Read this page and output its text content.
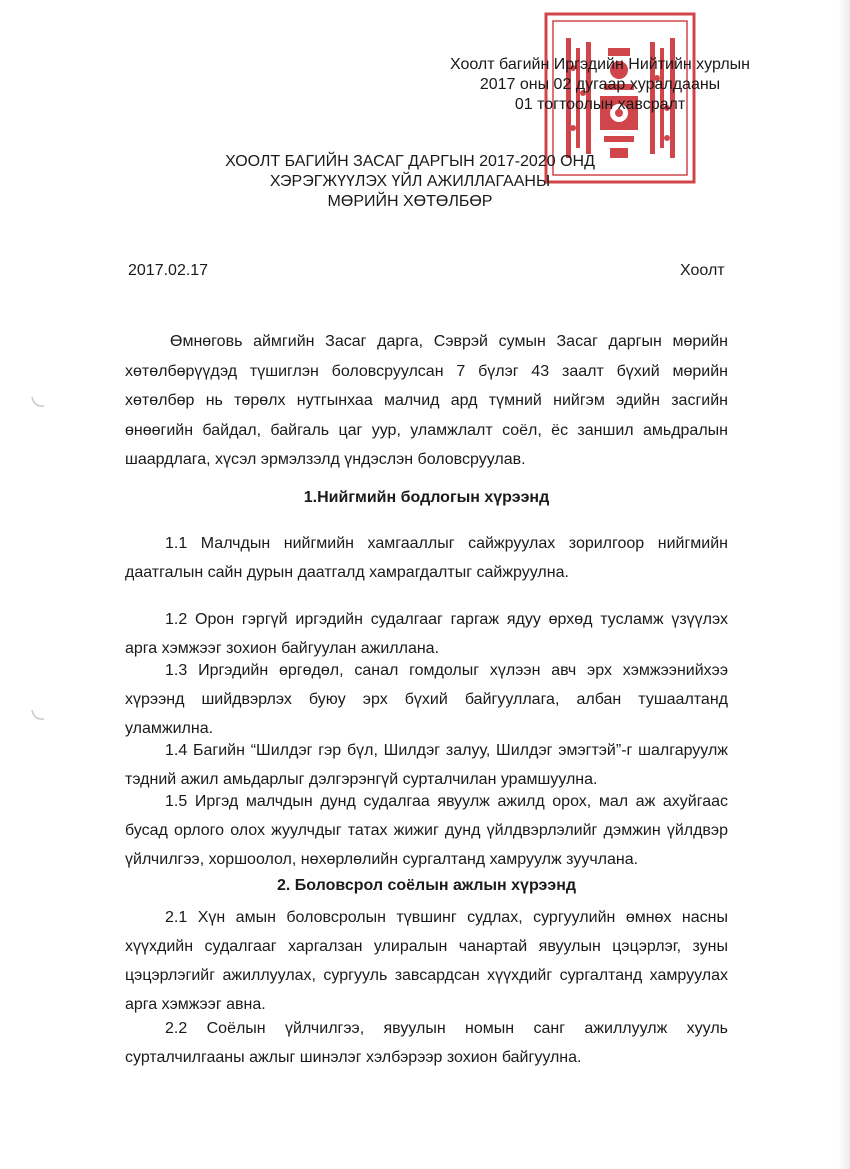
Хоолт багийн Иргэдийн Нийтийн хурлын
2017 оны 02 дугаар хуралдааны
01 тогтоолын хавсралт
ХООЛТ БАГИЙН ЗАСАГ ДАРГЫН 2017-2020 ОНД
ХЭРЭГЖҮҮЛЭХ ҮЙЛ АЖИЛЛАГААНЫ
МӨРИЙН ХӨТӨЛБӨР
2017.02.17	Хоолт

Өмнөговь аймгийн Засаг дарга, Сэврэй сумын Засаг даргын мөрийн хөтөлбөрүүдэд түшиглэн боловсруулсан 7 бүлэг 43 заалт бүхий мөрийн хөтөлбөр нь төрөлх нутгынхаа малчид ард түмний нийгэм эдийн засгийн өнөөгийн байдал, байгаль цаг уур, уламжлалт соёл, ёс заншил амьдралын шаардлага, хүсэл эрмэлзэлд үндэслэн боловсруулав.

1.Нийгмийн бодлогын хүрээнд

1.1 Малчдын нийгмийн хамгааллыг сайжруулах зорилгоор нийгмийн даатгалын сайн дурын даатгалд хамрагдалтыг сайжруулна.

1.2 Орон гэргүй иргэдийн судалгааг гаргаж ядуу өрхөд тусламж үзүүлэх арга хэмжээг зохион байгуулан ажиллана.

1.3 Иргэдийн өргөдөл, санал гомдолыг хүлээн авч эрх хэмжээнийхээ хүрээнд шийдвэрлэх буюу эрх бүхий байгууллага, албан тушаалтанд уламжилна.

1.4 Багийн “Шилдэг гэр бүл, Шилдэг залуу, Шилдэг эмэгтэй”-г шалгаруулж тэдний ажил амьдарлыг дэлгэрэнгүй сурталчилан урамшуулна.

1.5 Иргэд малчдын дунд судалгаа явуулж ажилд орох, мал аж ахуйгаас бусад орлого олох жуулчдыг татах жижиг дунд үйлдвэрлэлийг дэмжин үйлдвэр үйлчилгээ, хоршоолол, нөхөрлөлийн сургалтанд хамруулж зуучлана.

2. Боловсрол соёлын ажлын хүрээнд

2.1 Хүн амын боловсролын түвшинг судлах, сургуулийн өмнөх насны хүүхдийн судалгааг харгалзан улиралын чанартай явуулын цэцэрлэг, зуны цэцэрлэгийг ажиллуулах, сургууль завсардсан хүүхдийг сургалтанд хамруулах арга хэмжээг авна.

2.2 Соёлын үйлчилгээ, явуулын номын санг ажиллуулж хууль сурталчилгааны ажлыг шинэлэг хэлбэрээр зохион байгуулна.
